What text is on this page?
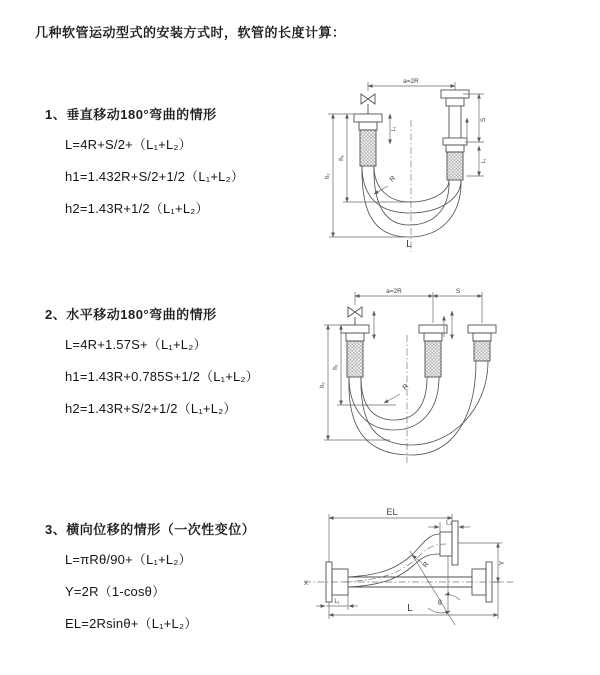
几种软管运动型式的安装方式时，软管的长度计算：
1、垂直移动180°弯曲的情形
L=4R+S/2+（L₁+L₂）
h1=1.432R+S/2+1/2（L₁+L₂）
h2=1.43R+1/2（L₁+L₂）
a=2R
S
L₁
L₁
h₁
h₂	R
L
2、水平移动180°弯曲的情形
L=4R+1.57S+（L₁+L₂）
h1=1.43R+0.785S+1/2（L₁+L₂）
h2=1.43R+S/2+1/2（L₁+L₂）
a=2R	S
h₁
h₂	R
3、横向位移的情形（一次性变位）
L=πRθ/90+（L₁+L₂）
Y=2R（1-cosθ）
EL=2Rsinθ+（L₁+L₂）
X
θ
R
EL
L₂
Y
L
L₁
